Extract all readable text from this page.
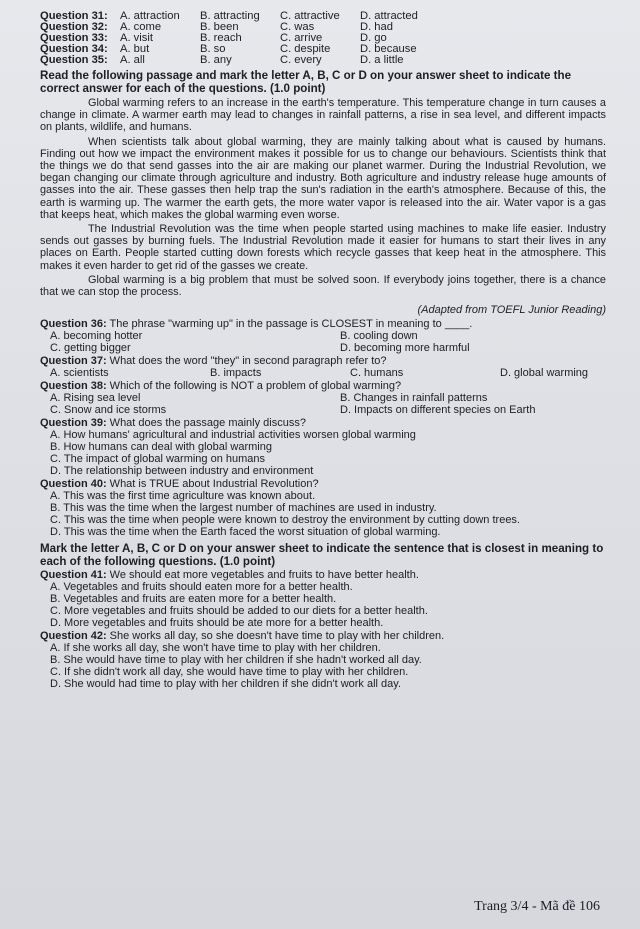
Question 31:	A. attraction	B. attracting	C. attractive	D. attracted
Question 32:	A. come	B. been	C. was	D. had
Question 33:	A. visit	B. reach	C. arrive	D. go
Question 34:	A. but	B. so	C. despite	D. because
Question 35:	A. all	B. any	C. every	D. a little
Read the following passage and mark the letter A, B, C or D on your answer sheet to indicate the correct answer for each of the questions. (1.0 point)

Global warming refers to an increase in the earth's temperature. This temperature change in turn causes a change in climate. A warmer earth may lead to changes in rainfall patterns, a rise in sea level, and different impacts on plants, wildlife, and humans.

When scientists talk about global warming, they are mainly talking about what is caused by humans. Finding out how we impact the environment makes it possible for us to change our behaviours. Scientists think that the things we do that send gasses into the air are making our planet warmer. During the Industrial Revolution, we began changing our climate through agriculture and industry. Both agriculture and industry release huge amounts of gasses into the air. These gasses then help trap the sun's radiation in the earth's atmosphere. Because of this, the earth is warming up. The warmer the earth gets, the more water vapor is released into the air. Water vapor is a gas that keeps heat, which makes the global warming even worse.

The Industrial Revolution was the time when people started using machines to make life easier. Industry sends out gasses by burning fuels. The Industrial Revolution made it easier for humans to start their lives in any places on Earth. People started cutting down forests which recycle gasses that keep heat in the atmosphere. This makes it even harder to get rid of the gasses we create.

Global warming is a big problem that must be solved soon. If everybody joins together, there is a chance that we can stop the process.

(Adapted from TOEFL Junior Reading)
Question 36: The phrase "warming up" in the passage is CLOSEST in meaning to ____.
A. becoming hotter	B. cooling down
C. getting bigger	D. becoming more harmful
Question 37: What does the word "they" in second paragraph refer to?
A. scientists	B. impacts	C. humans	D. global warming
Question 38: Which of the following is NOT a problem of global warming?
A. Rising sea level	B. Changes in rainfall patterns
C. Snow and ice storms	D. Impacts on different species on Earth
Question 39: What does the passage mainly discuss?
A. How humans' agricultural and industrial activities worsen global warming
B. How humans can deal with global warming
C. The impact of global warming on humans
D. The relationship between industry and environment
Question 40: What is TRUE about Industrial Revolution?
A. This was the first time agriculture was known about.
B. This was the time when the largest number of machines are used in industry.
C. This was the time when people were known to destroy the environment by cutting down trees.
D. This was the time when the Earth faced the worst situation of global warming.
Mark the letter A, B, C or D on your answer sheet to indicate the sentence that is closest in meaning to each of the following questions. (1.0 point)
Question 41: We should eat more vegetables and fruits to have better health.
A. Vegetables and fruits should eaten more for a better health.
B. Vegetables and fruits are eaten more for a better health.
C. More vegetables and fruits should be added to our diets for a better health.
D. More vegetables and fruits should be ate more for a better health.
Question 42: She works all day, so she doesn't have time to play with her children.
A. If she works all day, she won't have time to play with her children.
B. She would have time to play with her children if she hadn't worked all day.
C. If she didn't work all day, she would have time to play with her children.
D. She would had time to play with her children if she didn't work all day.
Trang 3/4 - Mã đề 106
